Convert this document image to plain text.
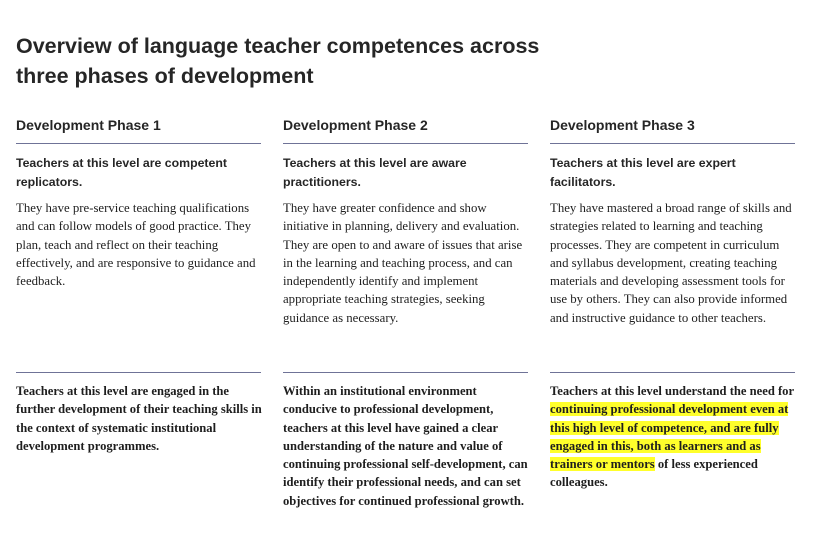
Overview of language teacher competences across three phases of development
Development Phase 1

Teachers at this level are competent replicators.

They have pre-service teaching qualifications and can follow models of good practice. They plan, teach and reflect on their teaching effectively, and are responsive to guidance and feedback.

Teachers at this level are engaged in the further development of their teaching skills in the context of systematic institutional development programmes.

Development Phase 2

Teachers at this level are aware practitioners.

They have greater confidence and show initiative in planning, delivery and evaluation. They are open to and aware of issues that arise in the learning and teaching process, and can independently identify and implement appropriate teaching strategies, seeking guidance as necessary.

Within an institutional environment conducive to professional development, teachers at this level have gained a clear understanding of the nature and value of continuing professional self-development, can identify their professional needs, and can set objectives for continued professional growth.

Development Phase 3

Teachers at this level are expert facilitators.

They have mastered a broad range of skills and strategies related to learning and teaching processes. They are competent in curriculum and syllabus development, creating teaching materials and developing assessment tools for use by others. They can also provide informed and instructive guidance to other teachers.

Teachers at this level understand the need for continuing professional development even at this high level of competence, and are fully engaged in this, both as learners and as trainers or mentors of less experienced colleagues.
